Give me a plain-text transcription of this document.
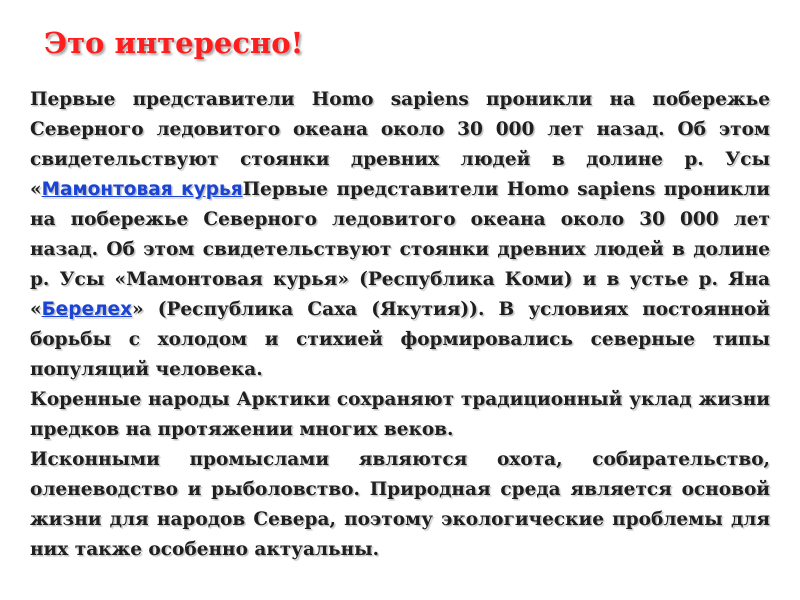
Это интересно!

Первые представители Homo sapiens проникли на побережье Северного ледовитого океана около 30 000 лет назад. Об этом свидетельствуют стоянки древних людей в долине р. Усы «Мамонтовая курьяПервые представители Homo sapiens проникли на побережье Северного ледовитого океана около 30 000 лет назад. Об этом свидетельствуют стоянки древних людей в долине р. Усы «Мамонтовая курья» (Республика Коми) и в устье р. Яна «Берелех» (Республика Саха (Якутия)). В условиях постоянной борьбы с холодом и стихией формировались северные типы популяций человека.

Коренные народы Арктики сохраняют традиционный уклад жизни предков на протяжении многих веков.

Исконными промыслами являются охота, собирательство, оленеводство и рыболовство. Природная среда является основой жизни для народов Севера, поэтому экологические проблемы для них также особенно актуальны.
